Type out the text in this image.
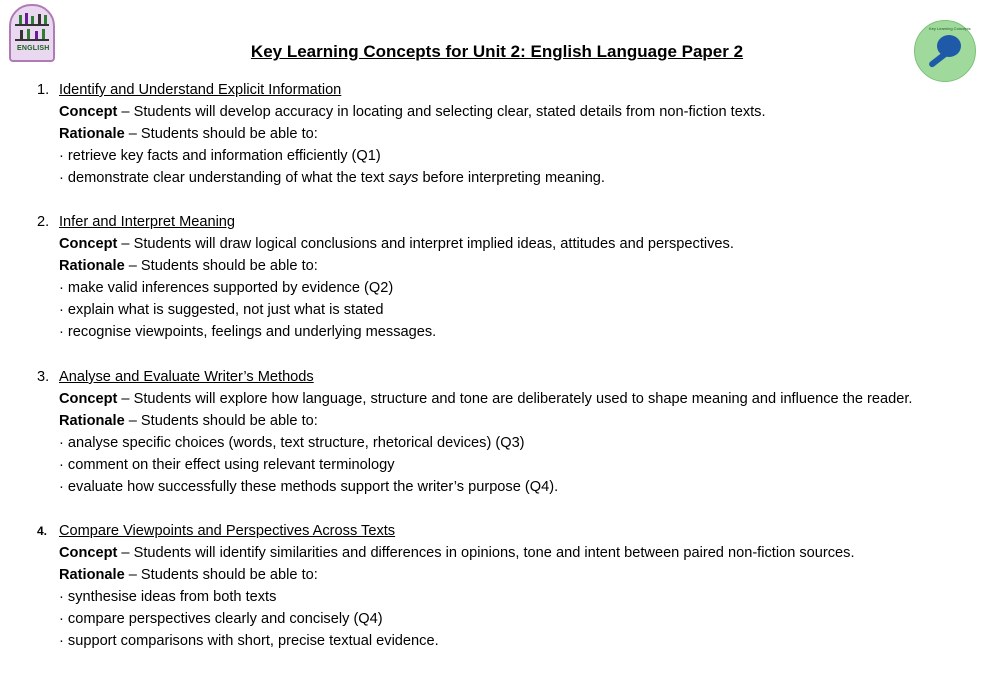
ENGLISH
Key Learning Concepts
Key Learning Concepts for Unit 2: English Language Paper 2
1. Identify and Understand Explicit Information
Concept – Students will develop accuracy in locating and selecting clear, stated details from non-fiction texts.
Rationale – Students should be able to:
· retrieve key facts and information efficiently (Q1)
· demonstrate clear understanding of what the text says before interpreting meaning.
2. Infer and Interpret Meaning
Concept – Students will draw logical conclusions and interpret implied ideas, attitudes and perspectives.
Rationale – Students should be able to:
· make valid inferences supported by evidence (Q2)
· explain what is suggested, not just what is stated
· recognise viewpoints, feelings and underlying messages.
3. Analyse and Evaluate Writer’s Methods
Concept – Students will explore how language, structure and tone are deliberately used to shape meaning and influence the reader.
Rationale – Students should be able to:
· analyse specific choices (words, text structure, rhetorical devices) (Q3)
· comment on their effect using relevant terminology
· evaluate how successfully these methods support the writer’s purpose (Q4).
4. Compare Viewpoints and Perspectives Across Texts
Concept – Students will identify similarities and differences in opinions, tone and intent between paired non-fiction sources.
Rationale – Students should be able to:
· synthesise ideas from both texts
· compare perspectives clearly and concisely (Q4)
· support comparisons with short, precise textual evidence.
